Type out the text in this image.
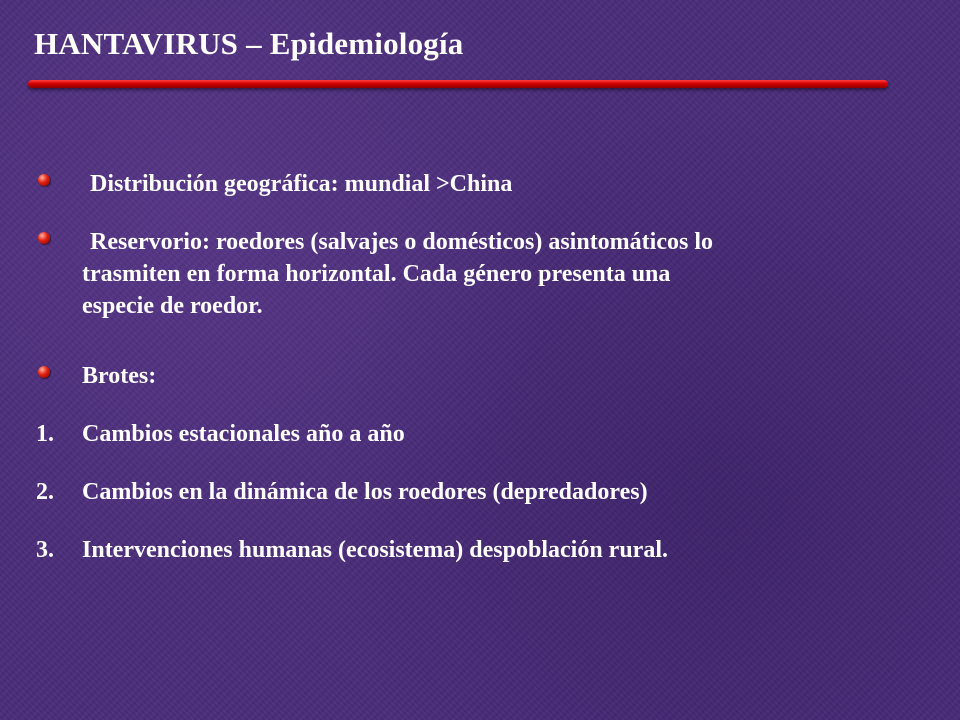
HANTAVIRUS – Epidemiología
Distribución geográfica: mundial >China
Reservorio: roedores (salvajes o domésticos) asintomáticos lo
trasmiten en forma horizontal. Cada género presenta una
especie de roedor.
Brotes:
1. Cambios estacionales año a año
2. Cambios en la dinámica de los roedores (depredadores)
3. Intervenciones humanas (ecosistema) despoblación rural.
